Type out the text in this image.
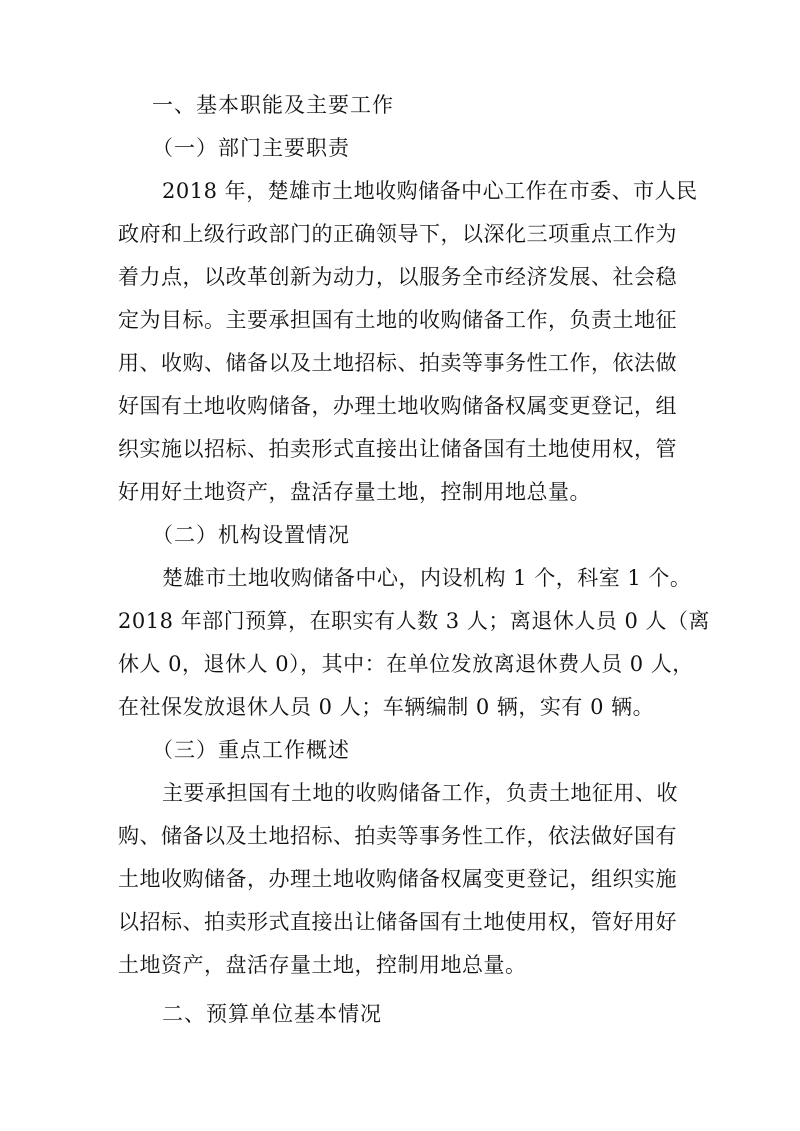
一、基本职能及主要工作
（一）部门主要职责
2018 年，楚雄市土地收购储备中心工作在市委、市人民
政府和上级行政部门的正确领导下，以深化三项重点工作为
着力点，以改革创新为动力，以服务全市经济发展、社会稳
定为目标。主要承担国有土地的收购储备工作，负责土地征
用、收购、储备以及土地招标、拍卖等事务性工作，依法做
好国有土地收购储备，办理土地收购储备权属变更登记，组
织实施以招标、拍卖形式直接出让储备国有土地使用权，管
好用好土地资产，盘活存量土地，控制用地总量。
（二）机构设置情况
楚雄市土地收购储备中心，内设机构 1 个，科室 1 个。
2018 年部门预算，在职实有人数 3 人；离退休人员 0 人（离
休人 0，退休人 0），其中：在单位发放离退休费人员 0 人，
在社保发放退休人员 0 人；车辆编制 0 辆，实有 0 辆。
（三）重点工作概述
主要承担国有土地的收购储备工作，负责土地征用、收
购、储备以及土地招标、拍卖等事务性工作，依法做好国有
土地收购储备，办理土地收购储备权属变更登记，组织实施
以招标、拍卖形式直接出让储备国有土地使用权，管好用好
土地资产，盘活存量土地，控制用地总量。
二、预算单位基本情况
